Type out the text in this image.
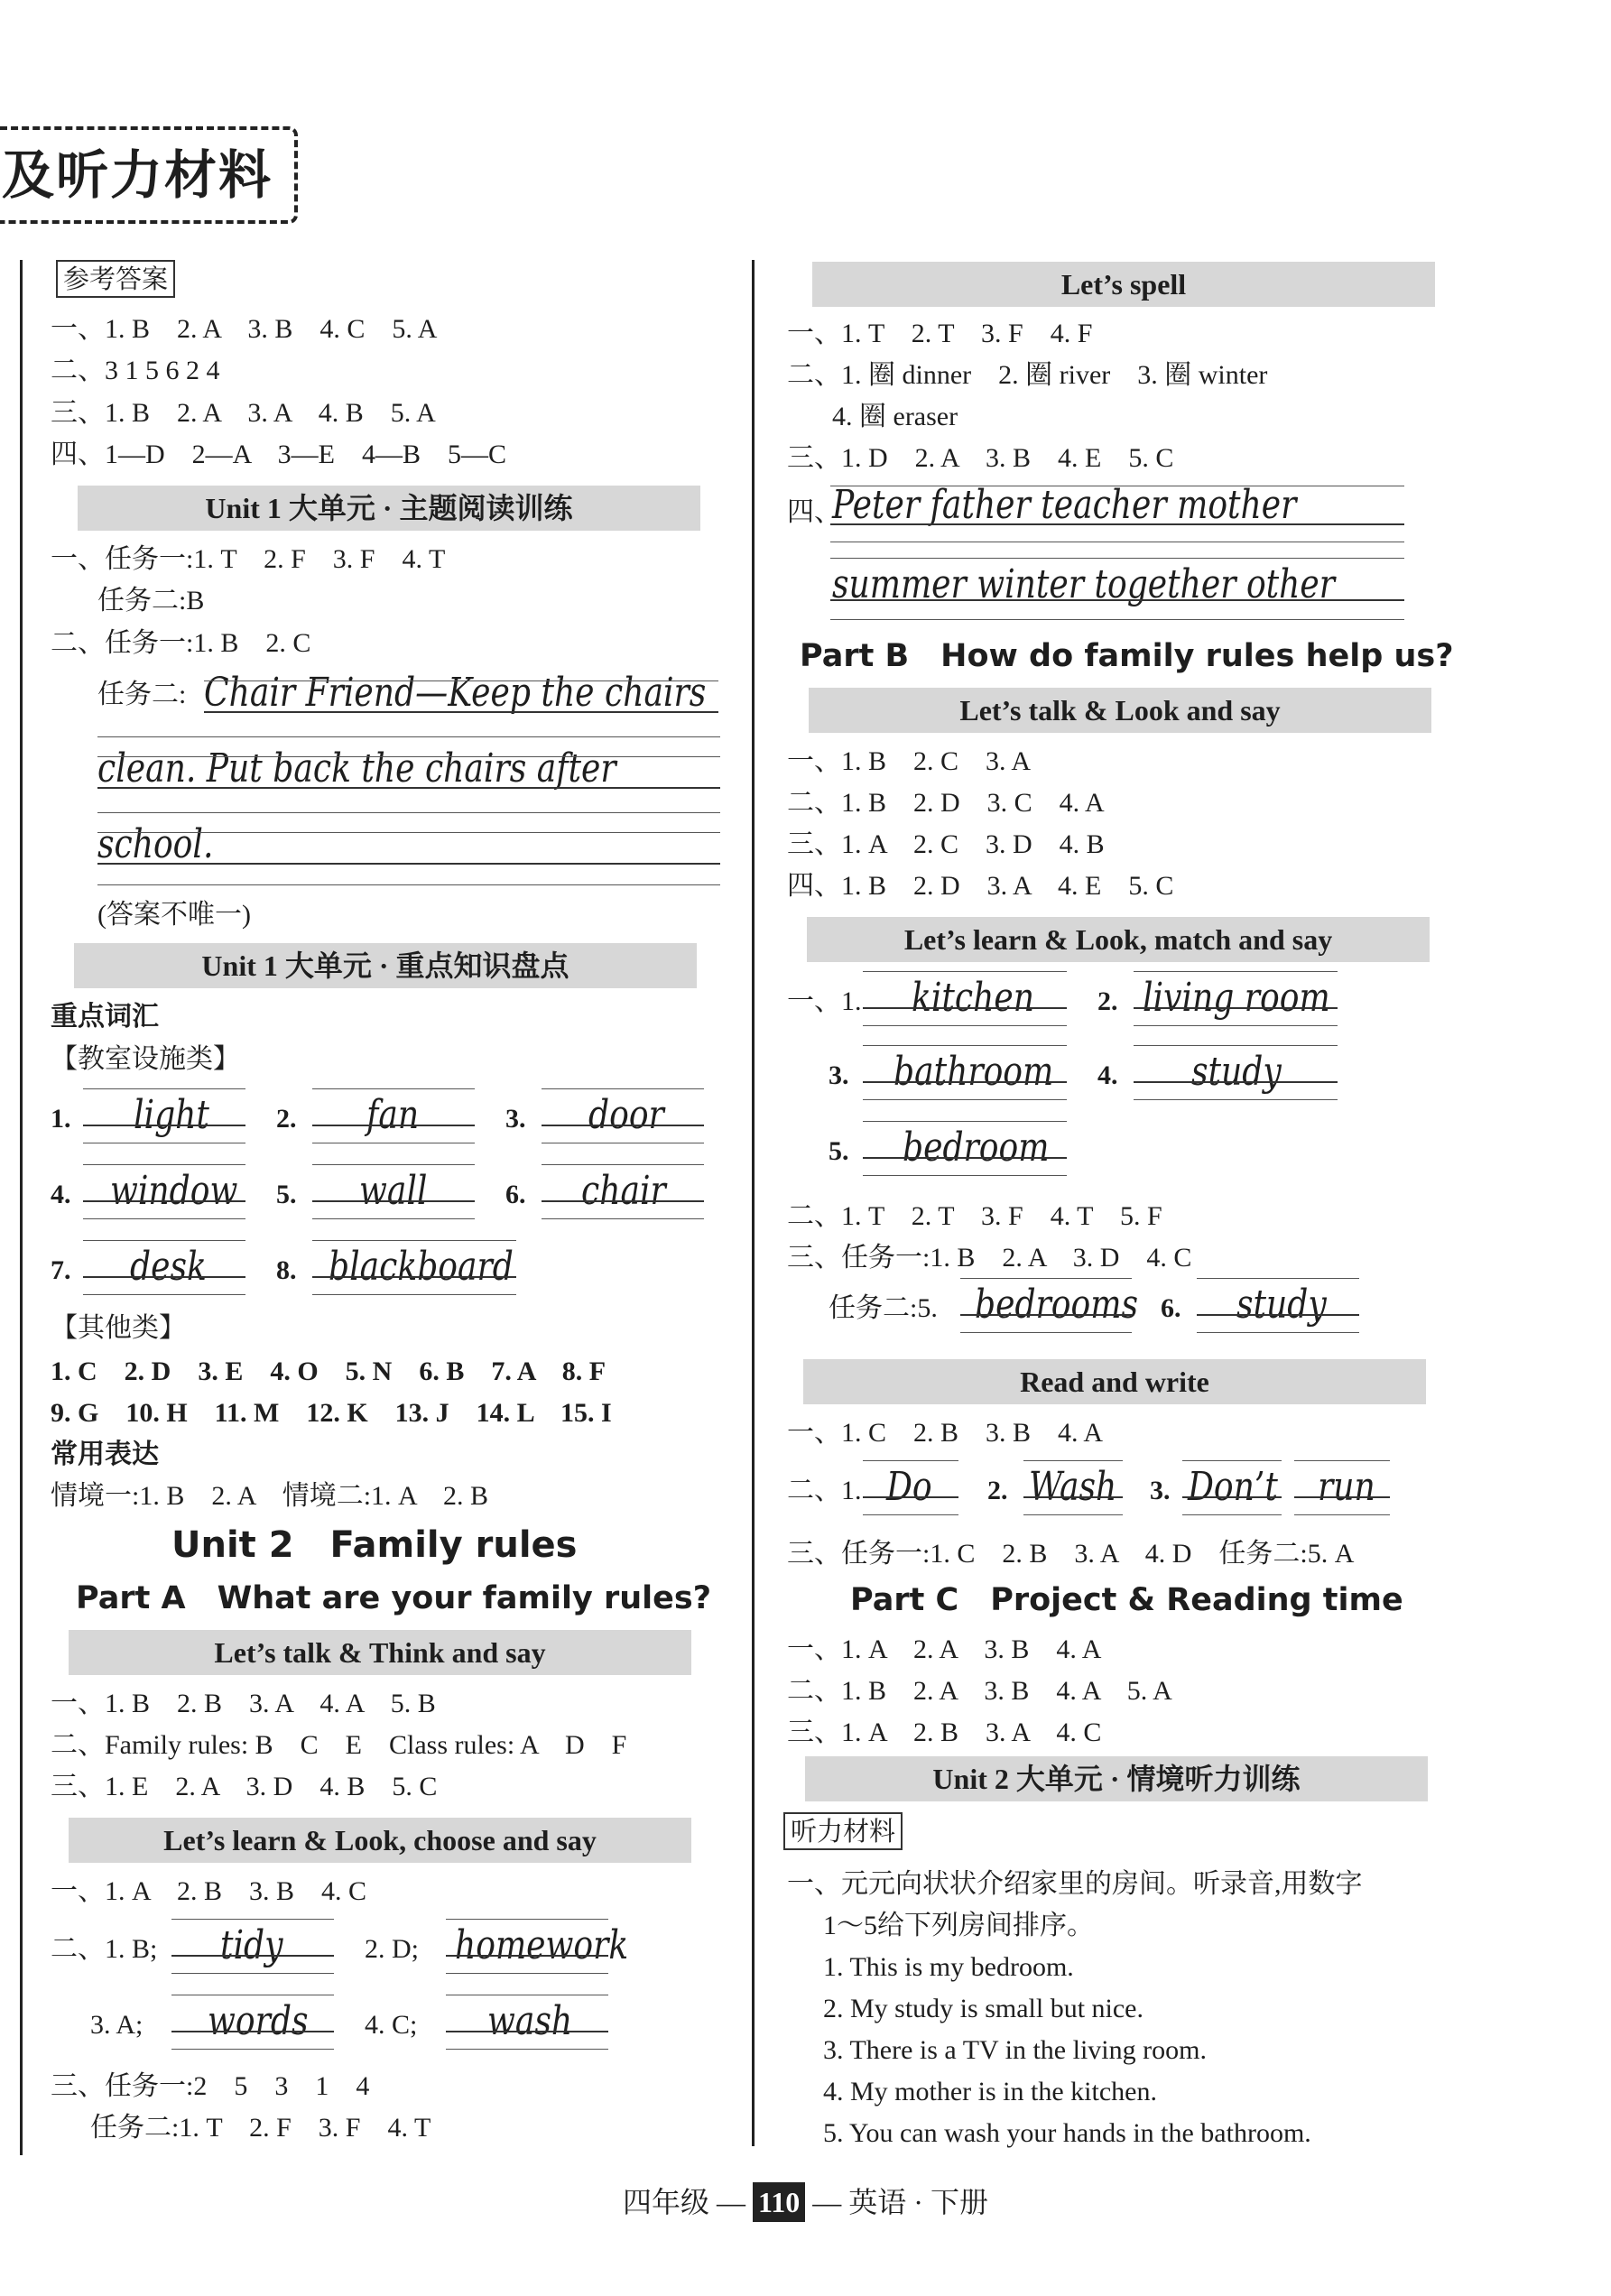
及听力材料
参考答案
一、1. B　2. A　3. B　4. C　5. A
二、3 1 5 6 2 4
三、1. B　2. A　3. A　4. B　5. A
四、1—D　2—A　3—E　4—B　5—C
Unit 1 大单元 · 主题阅读训练
一、任务一:1. T　2. F　3. F　4. T
任务二:B
二、任务一:1. B　2. C
任务二: Chair Friend—Keep the chairs
clean. Put back the chairs after
school.
(答案不唯一)
Unit 1 大单元 · 重点知识盘点
重点词汇
【教室设施类】
1. light 2. fan	3. door
4. window 5. wall	6. chair
7. desk	8. blackboard
【其他类】
1. C　2. D　3. E　4. O　5. N　6. B　7. A　8. F
9. G　10. H　11. M　12. K　13. J　14. L　15. I
常用表达
情境一:1. B　2. A　情境二:1. A　2. B
Unit 2　Family rules
Part A　What are your family rules?
Let’s talk & Think and say
一、1. B　2. B　3. A　4. A　5. B
二、Family rules: B　C　E　Class rules: A　D　F
三、1. E　2. A　3. D　4. B　5. C
Let’s learn & Look, choose and say
一、1. A　2. B　3. B　4. C
二、1. B; tidy	2. D; homework
3. A; words 4. C; wash
三、任务一:2　5　3　1　4
任务二:1. T　2. F　3. F　4. T
Let’s spell
一、1. T　2. T　3. F　4. F
二、1. 圈 dinner　2. 圈 river　3. 圈 winter
4. 圈 eraser
三、1. D　2. A　3. B　4. E　5. C
四、
Peter father teacher mother
summer winter together other
Part B　How do family rules help us?
Let’s talk & Look and say
一、1. B　2. C　3. A
二、1. B　2. D　3. C　4. A
三、1. A　2. C　3. D　4. B
四、1. B　2. D　3. A　4. E　5. C
Let’s learn & Look, match and say
一、1. kitchen 2. living room
3. bathroom 4. study
5. bedroom
二、1. T　2. T　3. F　4. T　5. F
三、任务一:1. B　2. A　3. D　4. C
任务二:5. bedrooms 6. study
Read and write
一、1. C　2. B　3. B　4. A
二、1. Do 2. Wash 3. Don’t run
三、任务一:1. C　2. B　3. A　4. D　任务二:5. A
Part C　Project & Reading time
一、1. A　2. A　3. B　4. A
二、1. B　2. A　3. B　4. A　5. A
三、1. A　2. B　3. A　4. C
Unit 2 大单元 · 情境听力训练
听力材料
一、元元向状状介绍家里的房间。听录音,用数字
1～5给下列房间排序。
1. This is my bedroom.
2. My study is small but nice.
3. There is a TV in the living room.
4. My mother is in the kitchen.
5. You can wash your hands in the bathroom.
四年级 — 110 — 英语 · 下册
